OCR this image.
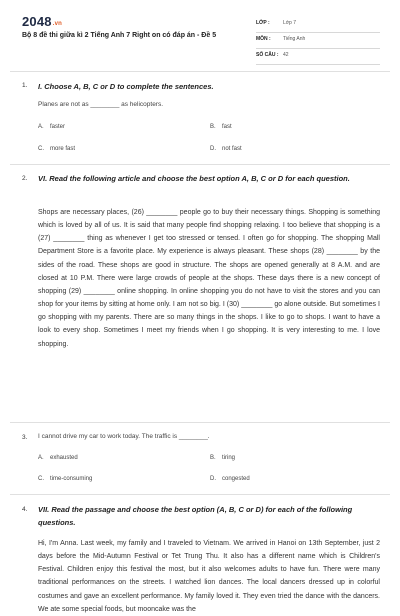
2048.vn
Bộ 8 đề thi giữa kì 2 Tiếng Anh 7 Right on có đáp án - Đề 5
LỚP :	Lớp 7
MÔN : Tiếng Anh
SỐ CÂU : 42
1. I. Choose A, B, C or D to complete the sentences.
Planes are not as ________ as helicopters.
A. faster	B. fast
C. more fast	D. not fast
2. VI. Read the following article and choose the best option A, B, C or D for each question.

Shops are necessary places, (26) ________ people go to buy their necessary things. Shopping is something which is loved by all of us. It is said that many people find shopping relaxing. I too believe that shopping is a (27) ________ thing as whenever I get too stressed or tensed. I often go for shopping. The shopping Mall Department Store is a favorite place. My experience is always pleasant. These shops (28) ________ by the sides of the road. These shops are good in structure. The shops are opened generally at 8 A.M. and are closed at 10 P.M. There were large crowds of people at the shops. These days there is a new concept of shopping (29) ________ online shopping. In online shopping you do not have to visit the stores and you can shop for your items by sitting at home only. I am not so big. I (30) ________ go alone outside. But sometimes I go shopping with my parents. There are so many things in the shops. I like to go to shops. I want to have a look to every shop. Sometimes I meet my friends when I go shopping. It is very interesting to me. I love shopping.

3. I cannot drive my car to work today. The traffic is ________.
A. exhausted	B. tiring
C. time-consuming	D. congested
4. VII. Read the passage and choose the best option (A, B, C or D) for each of the following questions.

Hi, I'm Anna. Last week, my family and I traveled to Vietnam. We arrived in Hanoi on 13th September, just 2 days before the Mid-Autumn Festival or Tet Trung Thu. It also has a different name which is Children's Festival. Children enjoy this festival the most, but it also welcomes adults to have fun. There were many traditional performances on the streets. I watched lion dances. The local dancers dressed up in colorful costumes and gave an excellent performance. My family loved it. They even tried the dance with the dancers. We ate some special foods, but mooncake was the
